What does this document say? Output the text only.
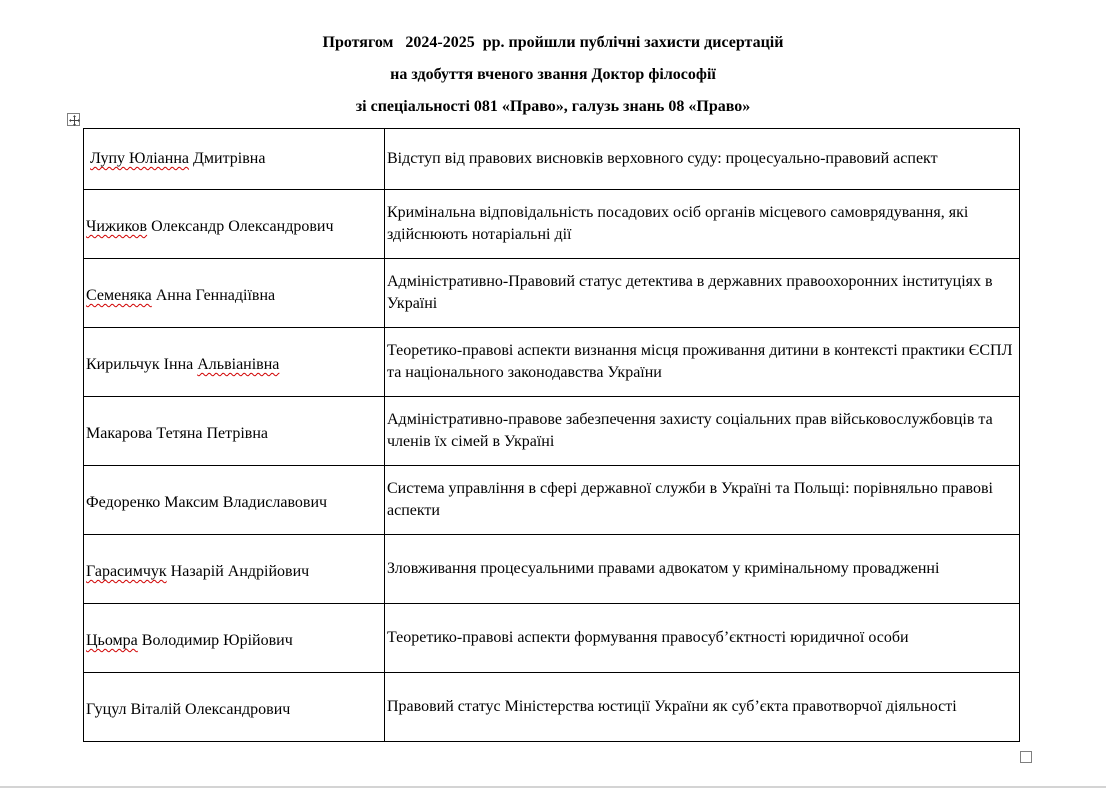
Протягом   2024-2025  рр. пройшли публічні захисти дисертацій
на здобуття вченого звання Доктор філософії
зі спеціальності 081 «Право», галузь знань 08 «Право»
Лупу Юліанна Дмитрівна	Відступ від правових висновків верховного суду: процесуально-правовий аспект
Чижиков Олександр Олександрович	Кримінальна відповідальність посадових осіб органів місцевого самоврядування, які здійснюють нотаріальні дії
Семеняка Анна Геннадіївна	Адміністративно-Правовий статус детектива в державних правоохоронних інституціях в Україні
Кирильчук Інна Альвіанівна	Теоретико-правові аспекти визнання місця проживання дитини в контексті практики ЄСПЛ та національного законодавства України
Макарова Тетяна Петрівна	Адміністративно-правове забезпечення захисту соціальних прав військовослужбовців та членів їх сімей в Україні
Федоренко Максим Владиславович	Система управління в сфері державної служби в Україні та Польщі: порівняльно правові аспекти
Гарасимчук Назарій Андрійович	Зловживання процесуальними правами адвокатом у кримінальному провадженні
Цьомра Володимир Юрійович	Теоретико-правові аспекти формування правосуб’єктності юридичної особи
Гуцул Віталій Олександрович	Правовий статус Міністерства юстиції України як суб’єкта правотворчої діяльності
